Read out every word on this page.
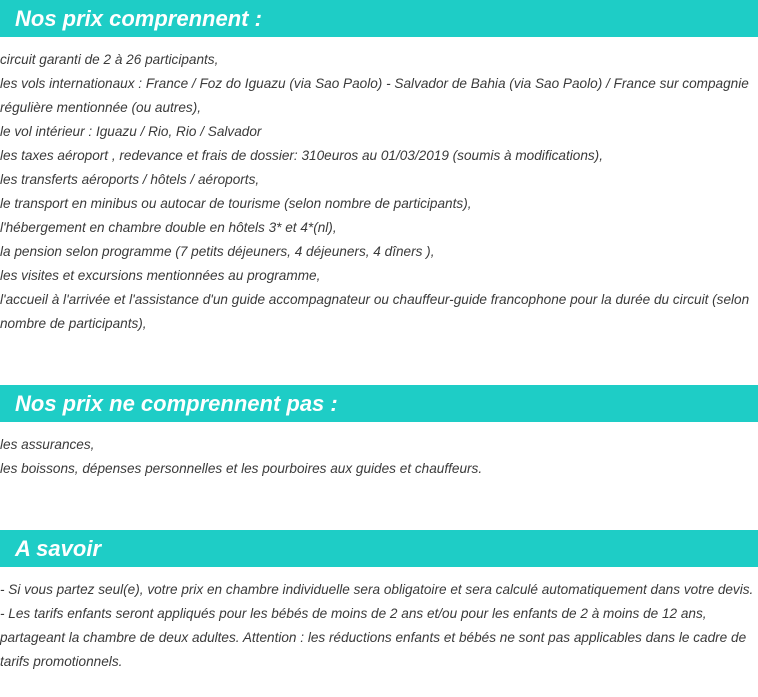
Nos prix comprennent :
circuit garanti de 2 à 26 participants,
les vols internationaux : France / Foz do Iguazu (via Sao Paolo) - Salvador de Bahia (via Sao Paolo) / France sur compagnie régulière mentionnée (ou autres),
le vol intérieur : Iguazu / Rio, Rio / Salvador
les taxes aéroport , redevance et frais de dossier: 310euros au 01/03/2019 (soumis à modifications),
les transferts aéroports / hôtels / aéroports,
le transport en minibus ou autocar de tourisme (selon nombre de participants),
l'hébergement en chambre double en hôtels 3* et 4*(nl),
la pension selon programme (7 petits déjeuners, 4 déjeuners, 4 dîners ),
les visites et excursions mentionnées au programme,
l'accueil à l'arrivée et l'assistance d'un guide accompagnateur ou chauffeur-guide francophone pour la durée du circuit (selon nombre de participants),
Nos prix ne comprennent pas :
les assurances,
les boissons, dépenses personnelles et les pourboires aux guides et chauffeurs.
A savoir
- Si vous partez seul(e), votre prix en chambre individuelle sera obligatoire et sera calculé automatiquement dans votre devis.
- Les tarifs enfants seront appliqués pour les bébés de moins de 2 ans et/ou pour les enfants de 2 à moins de 12 ans, partageant la chambre de deux adultes. Attention : les réductions enfants et bébés ne sont pas applicables dans le cadre de tarifs promotionnels.
